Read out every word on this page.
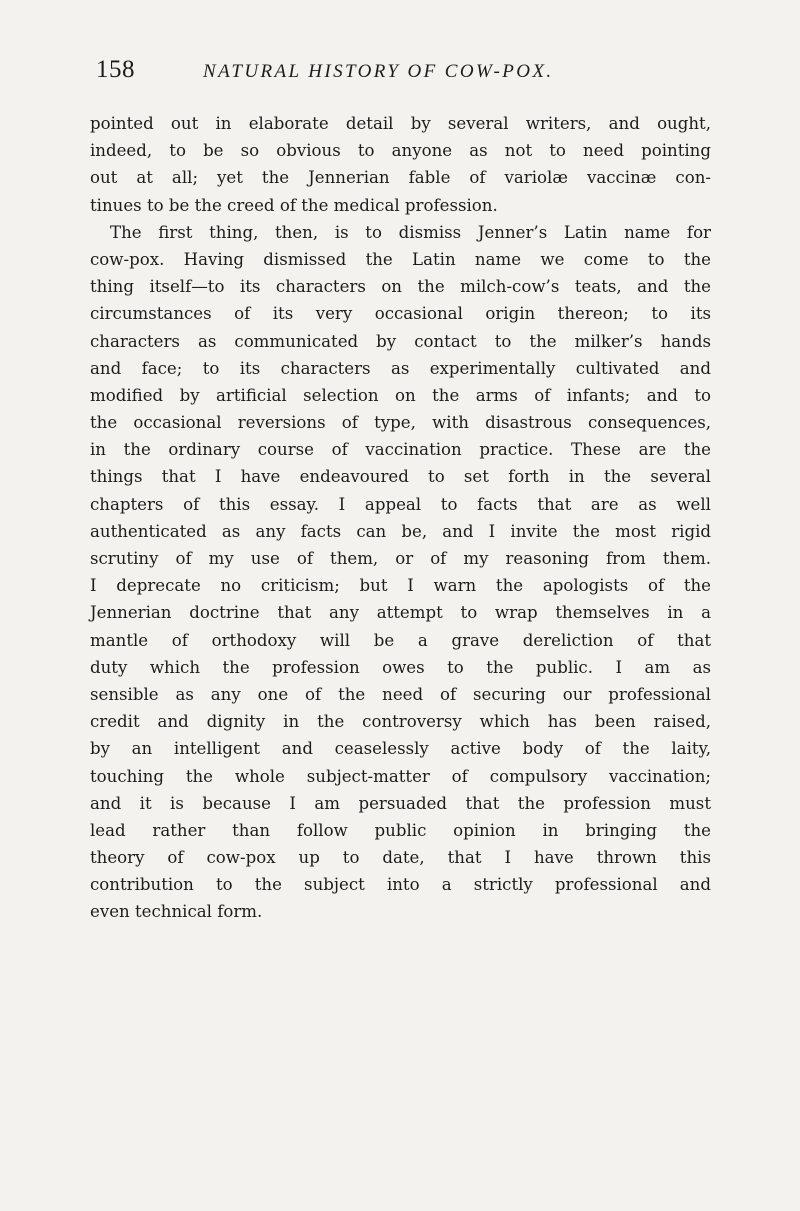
158	NATURAL HISTORY OF COW-POX.
pointed out in elaborate detail by several writers, and ought,
indeed, to be so obvious to anyone as not to need pointing
out at all; yet the Jennerian fable of variolæ vaccinæ con-
tinues to be the creed of the medical profession.
The first thing, then, is to dismiss Jenner’s Latin name for
cow-pox. Having dismissed the Latin name we come to the
thing itself—to its characters on the milch-cow’s teats, and the
circumstances of its very occasional origin thereon; to its
characters as communicated by contact to the milker’s hands
and face; to its characters as experimentally cultivated and
modified by artificial selection on the arms of infants; and to
the occasional reversions of type, with disastrous consequences,
in the ordinary course of vaccination practice. These are the
things that I have endeavoured to set forth in the several
chapters of this essay. I appeal to facts that are as well
authenticated as any facts can be, and I invite the most rigid
scrutiny of my use of them, or of my reasoning from them.
I deprecate no criticism; but I warn the apologists of the
Jennerian doctrine that any attempt to wrap themselves in a
mantle of orthodoxy will be a grave dereliction of that
duty which the profession owes to the public. I am as
sensible as any one of the need of securing our professional
credit and dignity in the controversy which has been raised,
by an intelligent and ceaselessly active body of the laity,
touching the whole subject-matter of compulsory vaccination;
and it is because I am persuaded that the profession must
lead rather than follow public opinion in bringing the
theory of cow-pox up to date, that I have thrown this
contribution to the subject into a strictly professional and
even technical form.
